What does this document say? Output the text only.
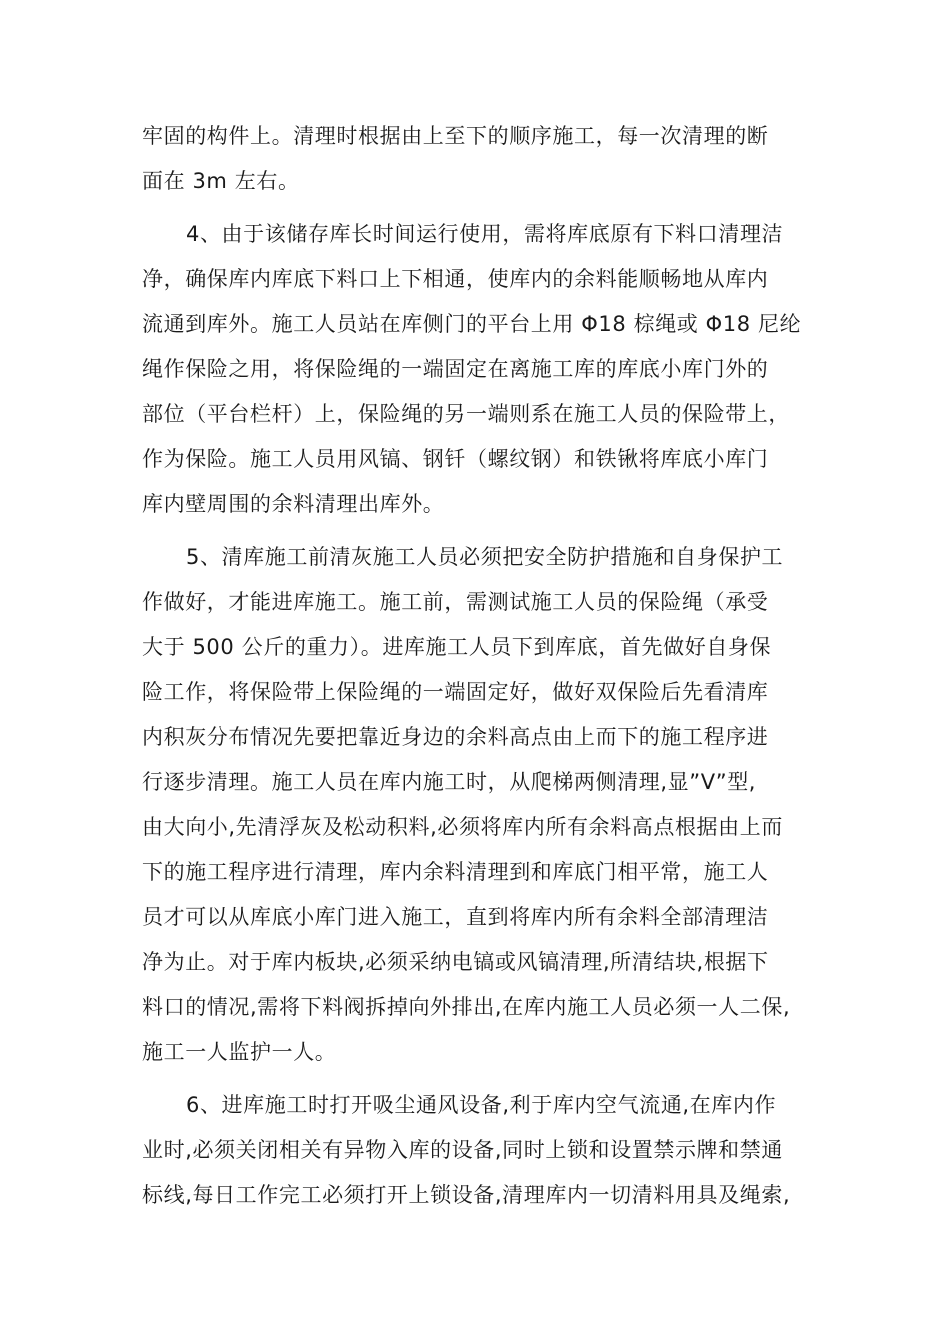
牢固的构件上。清理时根据由上至下的顺序施工，每一次清理的断
面在 3m 左右。
4、由于该储存库长时间运行使用，需将库底原有下料口清理洁
净，确保库内库底下料口上下相通，使库内的余料能顺畅地从库内
流通到库外。施工人员站在库侧门的平台上用 Φ18 棕绳或 Φ18 尼纶
绳作保险之用，将保险绳的一端固定在离施工库的库底小库门外的
部位（平台栏杆）上，保险绳的另一端则系在施工人员的保险带上，
作为保险。施工人员用风镐、钢钎（螺纹钢）和铁锹将库底小库门
库内壁周围的余料清理出库外。
5、清库施工前清灰施工人员必须把安全防护措施和自身保护工
作做好，才能进库施工。施工前，需测试施工人员的保险绳（承受
大于 500 公斤的重力）。进库施工人员下到库底，首先做好自身保
险工作，将保险带上保险绳的一端固定好，做好双保险后先看清库
内积灰分布情况先要把靠近身边的余料高点由上而下的施工程序进
行逐步清理。施工人员在库内施工时，从爬梯两侧清理,显”V”型,
由大向小,先清浮灰及松动积料,必须将库内所有余料高点根据由上而
下的施工程序进行清理，库内余料清理到和库底门相平常，施工人
员才可以从库底小库门进入施工，直到将库内所有余料全部清理洁
净为止。对于库内板块,必须采纳电镐或风镐清理,所清结块,根据下
料口的情况,需将下料阀拆掉向外排出,在库内施工人员必须一人二保,
施工一人监护一人。
6、进库施工时打开吸尘通风设备,利于库内空气流通,在库内作
业时,必须关闭相关有异物入库的设备,同时上锁和设置禁示牌和禁通
标线,每日工作完工必须打开上锁设备,清理库内一切清料用具及绳索,
